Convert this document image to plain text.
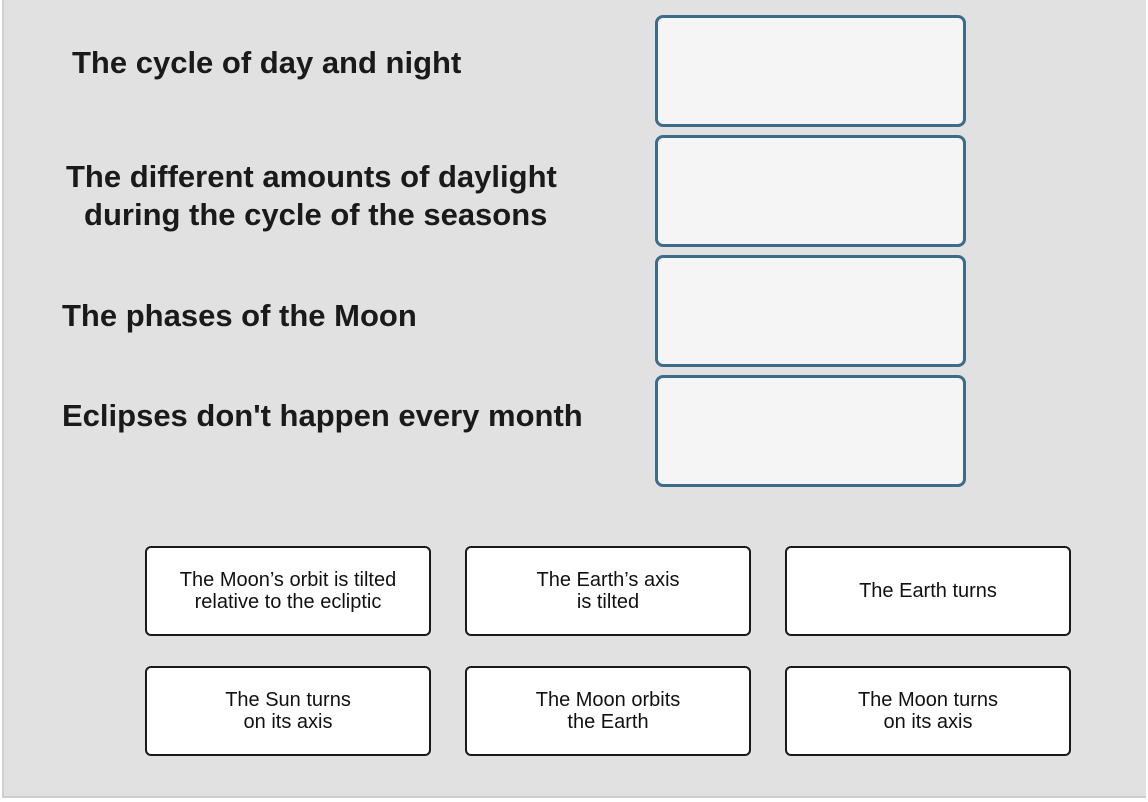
The cycle of day and night
The different amounts of daylight
during the cycle of the seasons
The phases of the Moon
Eclipses don't happen every month
The Moon’s orbit is tilted
relative to the ecliptic
The Earth’s axis
is tilted	The Earth turns
The Sun turns
on its axis
The Moon orbits
the Earth
The Moon turns
on its axis
